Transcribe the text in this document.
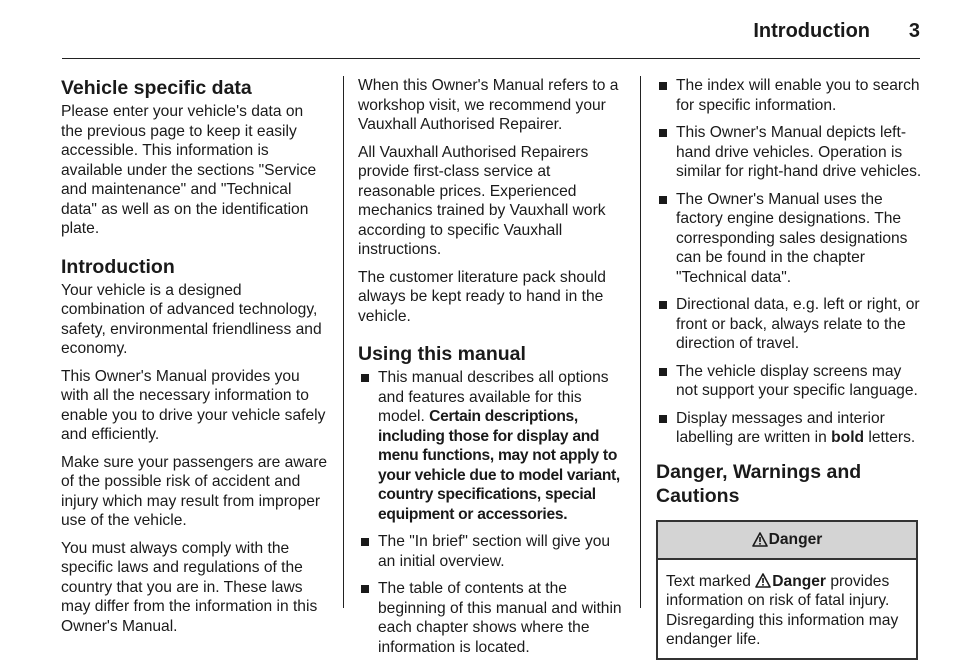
Introduction 3
Vehicle specific data

Please enter your vehicle's data on the previous page to keep it easily accessible. This information is available under the sections "Service and maintenance" and "Technical data" as well as on the identification plate.

Introduction

Your vehicle is a designed combination of advanced technology, safety, environmental friendliness and economy.

This Owner's Manual provides you with all the necessary information to enable you to drive your vehicle safely and efficiently.

Make sure your passengers are aware of the possible risk of accident and injury which may result from improper use of the vehicle.

You must always comply with the specific laws and regulations of the country that you are in. These laws may differ from the information in this Owner's Manual.

When this Owner's Manual refers to a workshop visit, we recommend your Vauxhall Authorised Repairer.

All Vauxhall Authorised Repairers provide first-class service at reasonable prices. Experienced mechanics trained by Vauxhall work according to specific Vauxhall instructions.

The customer literature pack should always be kept ready to hand in the vehicle.

Using this manual
This manual describes all options and features available for this model. Certain descriptions, including those for display and menu functions, may not apply to your vehicle due to model variant, country specifications, special equipment or accessories.
The "In brief" section will give you an initial overview.
The table of contents at the beginning of this manual and within each chapter shows where the information is located.
The index will enable you to search for specific information.
This Owner's Manual depicts left-hand drive vehicles. Operation is similar for right-hand drive vehicles.
The Owner's Manual uses the factory engine designations. The corresponding sales designations can be found in the chapter "Technical data".
Directional data, e.g. left or right, or front or back, always relate to the direction of travel.
The vehicle display screens may not support your specific language.
Display messages and interior labelling are written in bold letters.
Danger, Warnings and Cautions
Danger
Text marked Danger provides information on risk of fatal injury. Disregarding this information may endanger life.
